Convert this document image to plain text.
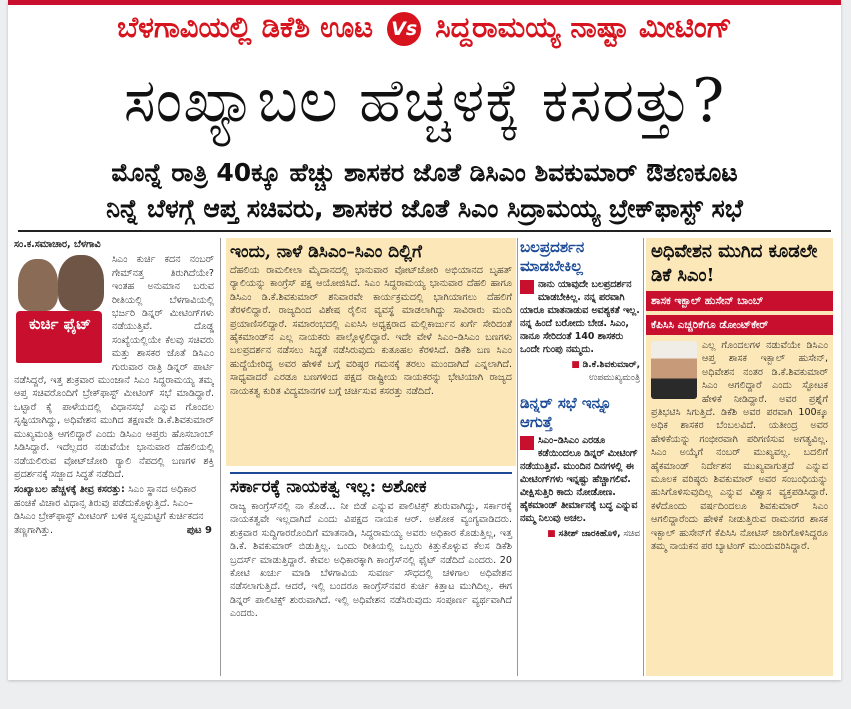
ಬೆಳಗಾವಿಯಲ್ಲಿ ಡಿಕೆಶಿ ಊಟ Vs ಸಿದ್ದರಾಮಯ್ಯ ನಾಷ್ಟಾ ಮೀಟಿಂಗ್
ಸಂಖ್ಯಾಬಲ ಹೆಚ್ಚಳಕ್ಕೆ ಕಸರತ್ತು?
ಮೊನ್ನೆ ರಾತ್ರಿ 40ಕ್ಕೂ ಹೆಚ್ಚು ಶಾಸಕರ ಜೊತೆ ಡಿಸಿಎಂ ಶಿವಕುಮಾರ್ ಔತಣಕೂಟ
ನಿನ್ನೆ ಬೆಳಗ್ಗೆ ಆಪ್ತ ಸಚಿವರು, ಶಾಸಕರ ಜೊತೆ ಸಿಎಂ ಸಿದ್ರಾಮಯ್ಯ ಬ್ರೇಕ್‌ಫಾಸ್ಟ್ ಸಭೆ
ಸಂ.ಕ.ಸಮಾಚಾರ, ಬೆಳಗಾವಿ
ಕುರ್ಚಿ ಫೈಟ್
ಸಿಎಂ ಕುರ್ಚಿ ಕದನ ನಂಬರ್ ಗೇಮ್‌ನತ್ತ ತಿರುಗಿದೆಯೇ? ಇಂತಹ ಅನುಮಾನ ಬರುವ ರೀತಿಯಲ್ಲಿ ಬೆಳಗಾವಿಯಲ್ಲಿ ಭರ್ಜರಿ ಡಿನ್ನರ್ ಮೀಟಿಂಗ್‌ಗಳು ನಡೆಯುತ್ತಿವೆ. ದೊಡ್ಡ ಸಂಖ್ಯೆಯಲ್ಲಿಯೇ ಕೆಲವು ಸಚಿವರು ಮತ್ತು ಶಾಸಕರ ಜೊತೆ ಡಿಸಿಎಂ ಗುರುವಾರ ರಾತ್ರಿ ಡಿನ್ನರ್ ಪಾರ್ಟಿ ನಡೆಸಿದ್ದರೆ, ಇತ್ತ ಶುಕ್ರವಾರ ಮುಂಜಾನೆ ಸಿಎಂ ಸಿದ್ದರಾಮಯ್ಯ ತಮ್ಮ ಆಪ್ತ ಸಚಿವರೊಂದಿಗೆ ಬ್ರೇಕ್‌ಫಾಸ್ಟ್ ಮೀಟಿಂಗ್ ಸಭೆ ಮಾಡಿದ್ದಾರೆ. ಒಟ್ಟಾರೆ ಕೈ ಪಾಳೆಯದಲ್ಲಿ ವಿಧಾನಸಭೆ ಎನ್ನುವ ಗೊಂದಲ ಸೃಷ್ಟಿಯಾಗಿದ್ದು, ಅಧಿವೇಶನ ಮುಗಿದ ತಕ್ಷಣವೇ ಡಿ.ಕೆ.ಶಿವಕುಮಾರ್ ಮುಖ್ಯಮಂತ್ರಿ ಆಗಲಿದ್ದಾರೆ ಎಂದು ಡಿಸಿಎಂ ಆಪ್ತರು ಹೊಸಬಾಂಬ್ ಸಿಡಿಸಿದ್ದಾರೆ. ಇದೆಲ್ಲದರ ನಡುವೆಯೇ ಭಾನುವಾರ ದೆಹಲಿಯಲ್ಲಿ ನಡೆಯಲಿರುವ ವೋಟ್‌ಚೋರಿ ರ‍್ಯಾಲಿ ನೆಪದಲ್ಲಿ ಬಣಗಳ ಶಕ್ತಿ ಪ್ರದರ್ಶನಕ್ಕೆ ಸಜ್ಜಾದ ಸಿದ್ಧತೆ ನಡೆದಿದೆ.
ಸಂಖ್ಯಾಬಲ ಹೆಚ್ಚಳಕ್ಕೆ ತೀವ್ರ ಕಸರತ್ತು: ಸಿಎಂ ಸ್ಥಾನದ ಅಧಿಕಾರ ಹಂಚಿಕೆ ವಿಚಾರ ವಿಧಾನ್ಸ ತಿರುವು ಪಡೆದುಕೊಳ್ಳುತ್ತಿದೆ. ಸಿಎಂ–ಡಿಸಿಎಂ ಬ್ರೇಕ್‌ಫಾಸ್ಟ್ ಮೀಟಿಂಗ್ ಬಳಿಕ ಸ್ವಲ್ಪಮಟ್ಟಿಗೆ ಕುರ್ಚಿಕದನ ತಣ್ಣಗಾಗಿತ್ತು.	ಪುಟ 9
ಇಂದು, ನಾಳೆ ಡಿಸಿಎಂ–ಸಿಎಂ ದಿಲ್ಲಿಗೆ

ದೆಹಲಿಯ ರಾಮಲೀಲಾ ಮೈದಾನದಲ್ಲಿ ಭಾನುವಾರ ವೋಟ್‌ಚೋರಿ ಅಭಿಯಾನದ ಬೃಹತ್ ರ‍್ಯಾಲಿಯನ್ನು ಕಾಂಗ್ರೆಸ್ ಪಕ್ಷ ಆಯೋಜಿಸಿದೆ. ಸಿಎಂ ಸಿದ್ದರಾಮಯ್ಯ ಭಾನುವಾರ ದೆಹಲಿ ಹಾಗೂ ಡಿಸಿಎಂ ಡಿ.ಕೆ.ಶಿವಕುಮಾರ್ ಶನಿವಾರವೇ ಕಾರ್ಯಕ್ರಮದಲ್ಲಿ ಭಾಗಿಯಾಗಲು ದೆಹಲಿಗೆ ತೆರಳಲಿದ್ದಾರೆ. ರಾಜ್ಯದಿಂದ ವಿಶೇಷ ರೈಲಿನ ವ್ಯವಸ್ಥೆ ಮಾಡಲಾಗಿದ್ದು ಸಾವಿರಾರು ಮಂದಿ ಪ್ರಯಾಣಿಸಲಿದ್ದಾರೆ. ಸಮಾರಂಭದಲ್ಲಿ ಎಐಸಿಸಿ ಅಧ್ಯಕ್ಷರಾದ ಮಲ್ಲಿಕಾರ್ಜುನ ಖರ್ಗೆ ಸೇರಿದಂತೆ ಹೈಕಮಾಂಡ್‌ನ ಎಲ್ಲ ನಾಯಕರು ಪಾಲ್ಗೊಳ್ಳಲಿದ್ದಾರೆ. ಇದೇ ವೇಳೆ ಸಿಎಂ–ಡಿಸಿಎಂ ಬಣಗಳು ಬಲಪ್ರದರ್ಶನ ನಡೆಸಲು ಸಿದ್ಧತೆ ನಡೆಸಿರುವುದು ಕುತೂಹಲ ಕೆರಳಿಸಿದೆ. ಡಿಕೆಶಿ ಬಣ ಸಿಎಂ ಹುದ್ದೆಯೇರಿದ್ದ ಅವರ ಹೇಳಿಕೆ ಬಗ್ಗೆ ವರಿಷ್ಠರ ಗಮನಕ್ಕೆ ತರಲು ಮುಂದಾಗಿದೆ ಎನ್ನಲಾಗಿದೆ. ಸಾಧ್ಯವಾದರೆ ಎರಡೂ ಬಣಗಳಿಂದ ಪಕ್ಷದ ರಾಷ್ಟ್ರೀಯ ನಾಯಕರನ್ನು ಭೇಟಿಯಾಗಿ ರಾಜ್ಯದ ನಾಯಕತ್ವ ಕುರಿತ ವಿದ್ಯಮಾನಗಳ ಬಗ್ಗೆ ಚರ್ಚಿಸುವ ಕಸರತ್ತು ನಡೆದಿದೆ.

ಸರ್ಕಾರಕ್ಕೆ ನಾಯಕತ್ವ ಇಲ್ಲ: ಅಶೋಕ

ರಾಜ್ಯ ಕಾಂಗ್ರೆಸ್‌ನಲ್ಲಿ ನಾ ಕೊಡೆ... ನೀ ಬಿಡೆ ಎನ್ನುವ ಪಾಲಿಟಿಕ್ಸ್ ಶುರುವಾಗಿದ್ದು, ಸರ್ಕಾರಕ್ಕೆ ನಾಯಕತ್ವವೇ ಇಲ್ಲದಾಗಿದೆ ಎಂದು ವಿಪಕ್ಷದ ನಾಯಕ ಆರ್. ಅಶೋಕ ವ್ಯಂಗ್ಯವಾಡಿದರು. ಶುಕ್ರವಾರ ಸುದ್ದಿಗಾರರೊಂದಿಗೆ ಮಾತನಾಡಿ, ಸಿದ್ದರಾಮಯ್ಯ ಅವರು ಅಧಿಕಾರ ಕೊಡುತ್ತಿಲ್ಲ, ಇತ್ತ ಡಿ.ಕೆ. ಶಿವಕುಮಾರ್ ಬಿಡುತ್ತಿಲ್ಲ. ಒಂದು ರೀತಿಯಲ್ಲಿ ಒಬ್ಬರು ಕಿತ್ತುಕೊಳ್ಳುವ ಕೆಲಸ ಡಿಕೆಶಿ ಬ್ರದರ್ಸ್ ಮಾಡುತ್ತಿದ್ದಾರೆ. ಕೇವಲ ಅಧಿಕಾರಕ್ಕಾಗಿ ಕಾಂಗ್ರೆಸ್‌ನಲ್ಲಿ ಫೈಟ್ ನಡೆದಿದೆ ಎಂದರು. 20 ಕೋಟಿ ಖರ್ಚು ಮಾಡಿ ಬೆಳಗಾವಿಯ ಸುವರ್ಣ ಸೌಧದಲ್ಲಿ ಚಳಿಗಾಲ ಅಧಿವೇಶನ ನಡೆಸಲಾಗುತ್ತಿದೆ. ಆದರೆ, ಇಲ್ಲಿ ಬಂದರೂ ಕಾಂಗ್ರೆಸ್‌ನವರ ಕುರ್ಚಿ ಕಿತ್ತಾಟ ಮುಗಿದಿಲ್ಲ. ಈಗ ಡಿನ್ನರ್ ಪಾಲಿಟಿಕ್ಸ್ ಶುರುವಾಗಿದೆ. ಇಲ್ಲಿ ಅಧಿವೇಶನ ನಡೆಸಿರುವುದು ಸಂಪೂರ್ಣ ವ್ಯರ್ಥವಾಗಿದೆ ಎಂದರು.

ಬಲಪ್ರದರ್ಶನ ಮಾಡಬೇಕಿಲ್ಲ

ನಾನು ಯಾವುದೇ ಬಲಪ್ರದರ್ಶನ ಮಾಡಬೇಕಿಲ್ಲ. ನನ್ನ ಪರವಾಗಿ ಯಾರೂ ಮಾತನಾಡುವ ಅವಶ್ಯಕತೆ ಇಲ್ಲ. ನನ್ನ ಹಿಂದೆ ಬರೋದು ಬೇಡ. ಸಿಎಂ, ನಾನೂ ಸೇರಿದಂತೆ 140 ಶಾಸಕರು ಒಂದೇ ಗುಂಪು ನಮ್ಮದು.

■ ಡಿ.ಕೆ.ಶಿವಕುಮಾರ್, ಉಪಮುಖ್ಯಮಂತ್ರಿ
ಡಿನ್ನರ್ ಸಭೆ ಇನ್ನೂ ಆಗುತ್ತೆ

ಸಿಎಂ–ಡಿಸಿಎಂ ಎರಡೂ ಕಡೆಯಿಂದಲೂ ಡಿನ್ನರ್ ಮೀಟಿಂಗ್ ನಡೆಯುತ್ತಿವೆ. ಮುಂದಿನ ದಿನಗಳಲ್ಲಿ ಈ ಮೀಟಿಂಗ್‌ಗಳು ಇನ್ನಷ್ಟು ಹೆಚ್ಚಾಗಲಿವೆ. ವೀಕ್ಷಿಸುತ್ತಿರಿ ಕಾದು ನೋಡೋಣ. ಹೈಕಮಾಂಡ್ ತೀರ್ಮಾನಕ್ಕೆ ಬದ್ಧ ಎನ್ನುವ ನಮ್ಮ ನಿಲುವು ಅಚಲ.

■ ಸತೀಶ್ ಜಾರಕಿಹೊಳಿ, ಸಚಿವ
ಅಧಿವೇಶನ ಮುಗಿದ ಕೂಡಲೇ ಡಿಕೆ ಸಿಎಂ!
ಶಾಸಕ ಇಕ್ಬಾಲ್ ಹುಸೇನ್ ಬಾಂಬ್
ಕೆಪಿಸಿಸಿ ಎಚ್ಚರಿಕೆಗೂ ಡೋಂಟ್‌ಕೇರ್

ಎಲ್ಲ ಗೊಂದಲಗಳ ನಡುವೆಯೇ ಡಿಸಿಎಂ ಆಪ್ತ ಶಾಸಕ ಇಕ್ಬಾಲ್ ಹುಸೇನ್, ಅಧಿವೇಶನ ನಂತರ ಡಿ.ಕೆ.ಶಿವಕುಮಾರ್ ಸಿಎಂ ಆಗಲಿದ್ದಾರೆ ಎಂದು ಸ್ಫೋಟಕ ಹೇಳಿಕೆ ನೀಡಿದ್ದಾರೆ. ಅವರ ಪ್ರಶ್ನೆಗೆ ಪ್ರತಿಭಟಿಸಿ ಸಿಗುತ್ತಿದೆ. ಡಿಕೆಶಿ ಅವರ ಪರವಾಗಿ 100ಕ್ಕೂ ಅಧಿಕ ಶಾಸಕರ ಬೆಂಬಲವಿದೆ. ಯತೀಂದ್ರ ಅವರ ಹೇಳಿಕೆಯನ್ನು ಗಂಭೀರವಾಗಿ ಪರಿಗಣಿಸುವ ಅಗತ್ಯವಿಲ್ಲ. ಸಿಎಂ ಅಯ್ಕೆಗೆ ನಂಬರ್ ಮುಖ್ಯವಲ್ಲ. ಬದಲಿಗೆ ಹೈಕಮಾಂಡ್ ನಿರ್ದೇಶನ ಮುಖ್ಯವಾಗುತ್ತದೆ ಎನ್ನುವ ಮೂಲಕ ವರಿಷ್ಠರು ಶಿವಕುಮಾರ್ ಅವರ ಸಂಬಂಧಿಯನ್ನು ಹುಸಿಗೊಳಿಸುವುದಿಲ್ಲ ಎನ್ನುವ ವಿಶ್ವಾಸ ವ್ಯಕ್ತಪಡಿಸಿದ್ದಾರೆ. ಕಳೆದೊಂದು ವರ್ಷದಿಂದಲೂ ಶಿವಕುಮಾರ್ ಸಿಎಂ ಆಗಲಿದ್ದಾರೆಂದು ಹೇಳಿಕೆ ನೀಡುತ್ತಿರುವ ರಾಮನಗರ ಶಾಸಕ ಇಕ್ಬಾಲ್ ಹುಸೇನ್‌ಗೆ ಕೆಪಿಸಿಸಿ ನೋಟಿಸ್ ಜಾರಿಗೊಳಿಸಿದ್ದರೂ ತಮ್ಮ ನಾಯಕನ ಪರ ಬ್ಯಾಟಿಂಗ್ ಮುಂದುವರಿಸಿದ್ದಾರೆ.
